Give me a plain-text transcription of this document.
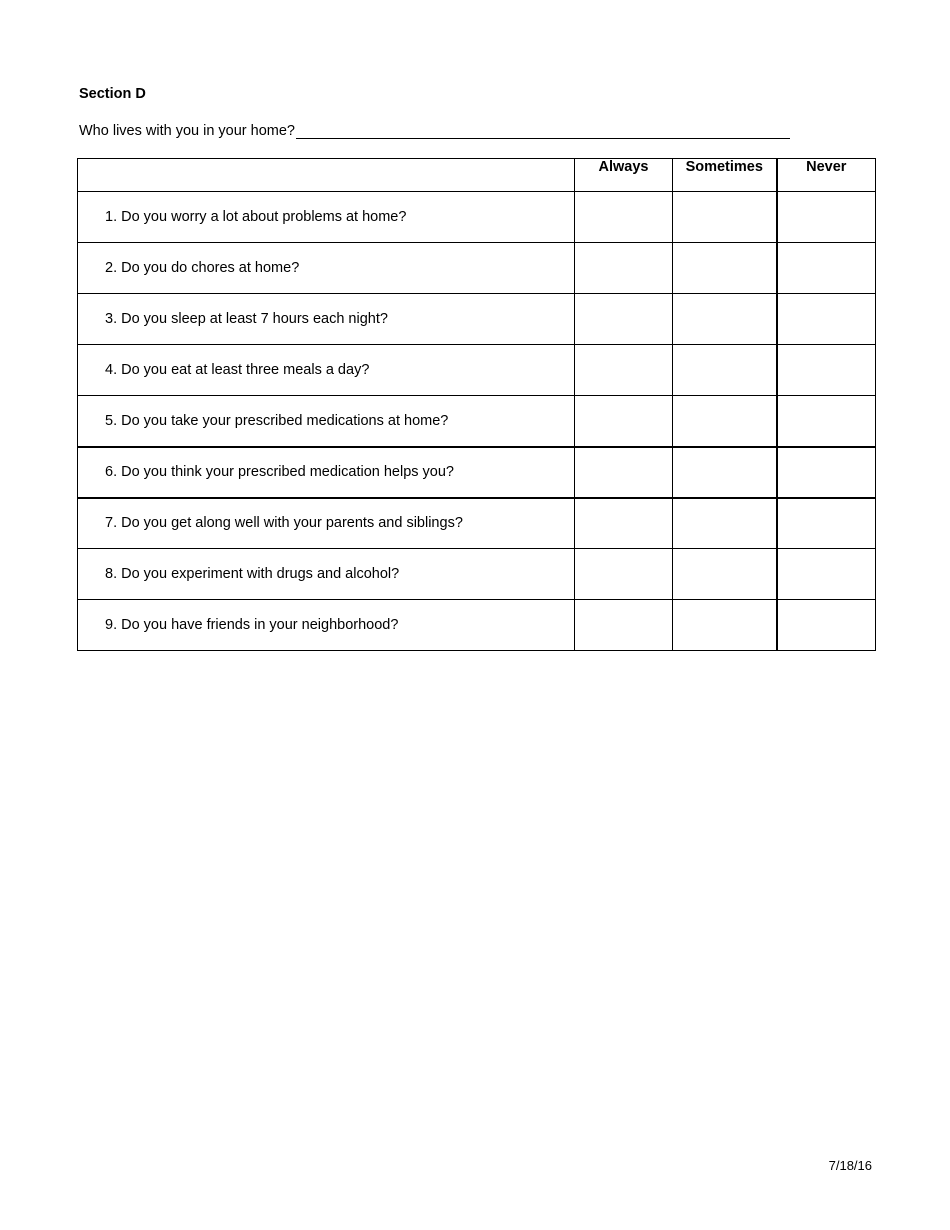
Section D
Who lives with you in your home?
	Always	Sometimes	Never
1. Do you worry a lot about problems at home?			
2. Do you do chores at home?			
3. Do you sleep at least 7 hours each night?			
4. Do you eat at least three meals a day?			
5. Do you take your prescribed medications at home?			
6. Do you think your prescribed medication helps you?			
7. Do you get along well with your parents and siblings?			
8. Do you experiment with drugs and alcohol?			
9. Do you have friends in your neighborhood?			
7/18/16
